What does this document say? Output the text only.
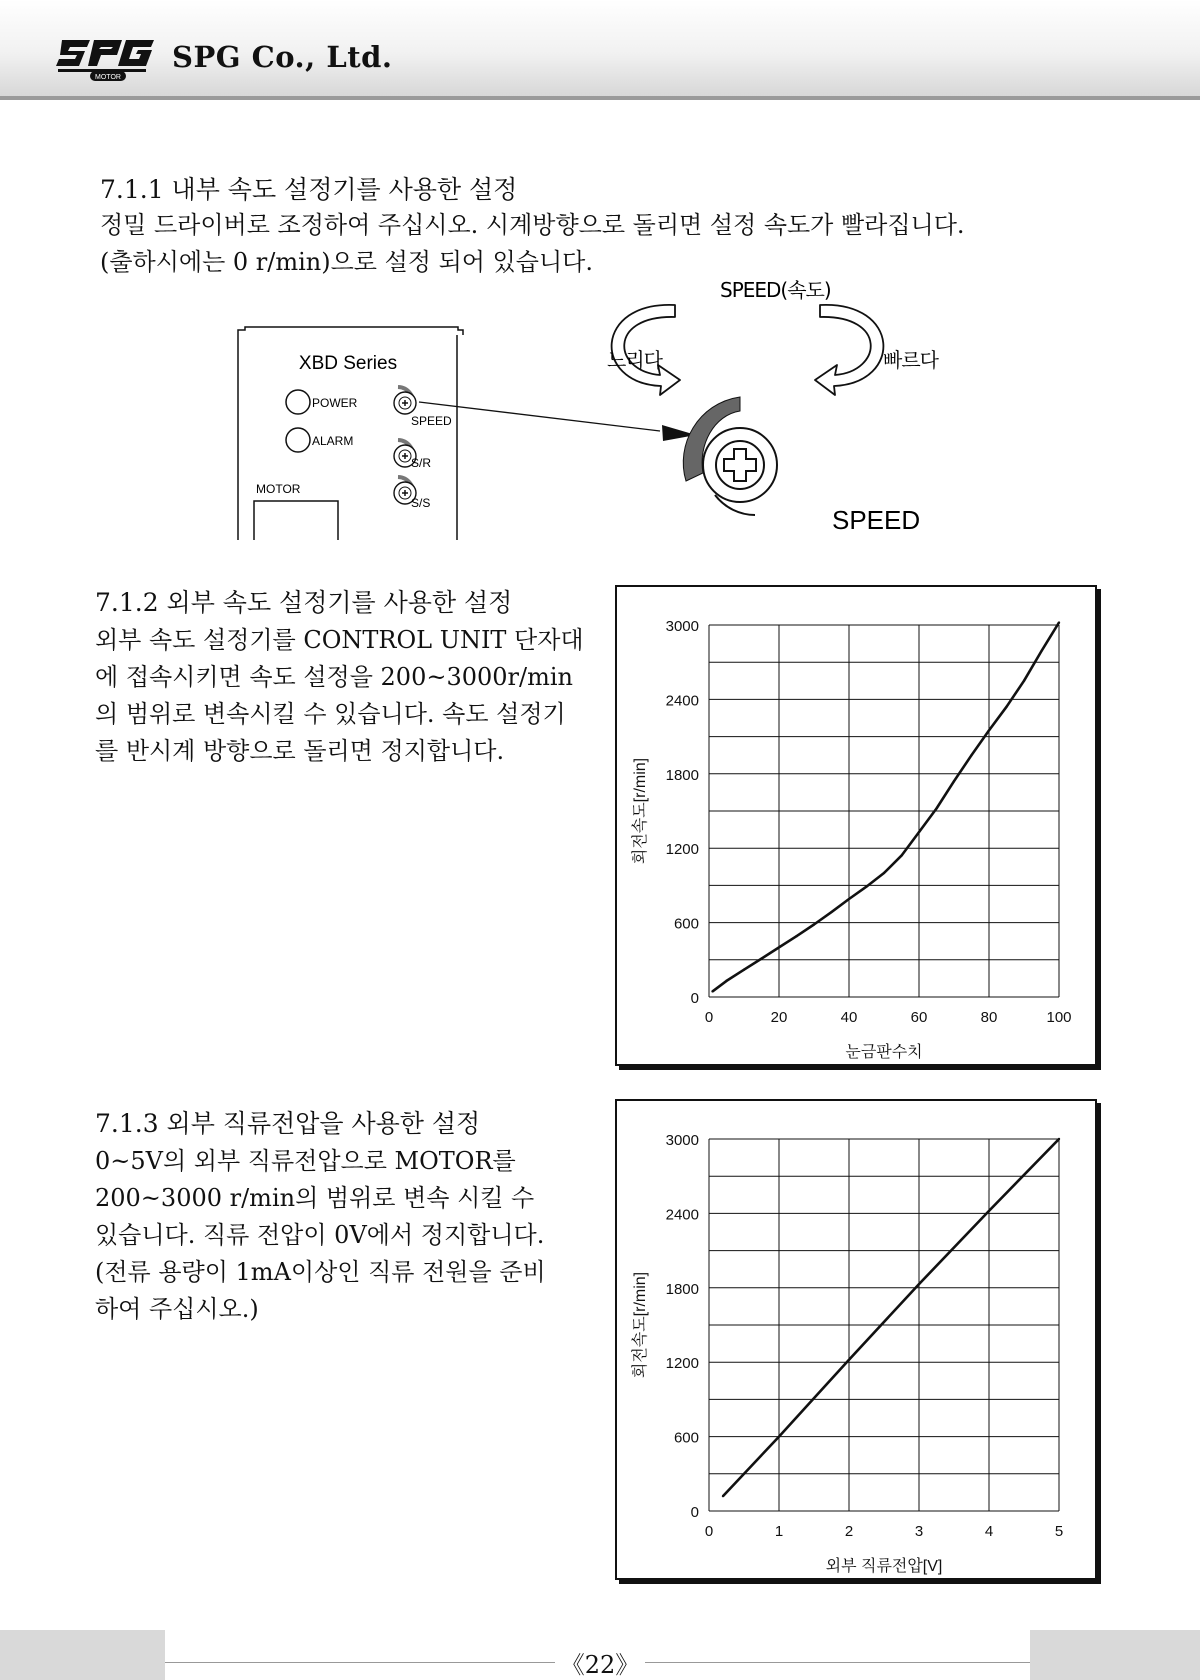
MOTOR
SPG Co., Ltd.
7.1.1 내부 속도 설정기를 사용한 설정
정밀 드라이버로 조정하여 주십시오. 시계방향으로 돌리면 설정 속도가 빨라집니다.
(출하시에는 0 r/min)으로 설정 되어 있습니다.
XBD Series
POWER
ALARM
SPEED
S/R
S/S
MOTOR
SPEED
SPEED(속도)
느리다	빠르다
7.1.2 외부 속도 설정기를 사용한 설정
외부 속도 설정기를 CONTROL UNIT 단자대
에 접속시키면 속도 설정을 200~3000r/min
의 범위로 변속시킬 수 있습니다. 속도 설정기
를 반시계 방향으로 돌리면 정지합니다.
0
600
1200
1800
2400
3000
0	20	40	60	80	100
눈금판수치
회전속도[r/min]
7.1.3 외부 직류전압을 사용한 설정
0~5V의 외부 직류전압으로 MOTOR를
200~3000 r/min의 범위로 변속 시킬 수
있습니다. 직류 전압이 0V에서 정지합니다.
(전류 용량이 1mA이상인 직류 전원을 준비
하여 주십시오.)
0
600
1200
1800
2400
3000
0	1	2	3	4	5
외부 직류전압[V]
회전속도[r/min]
《22》
